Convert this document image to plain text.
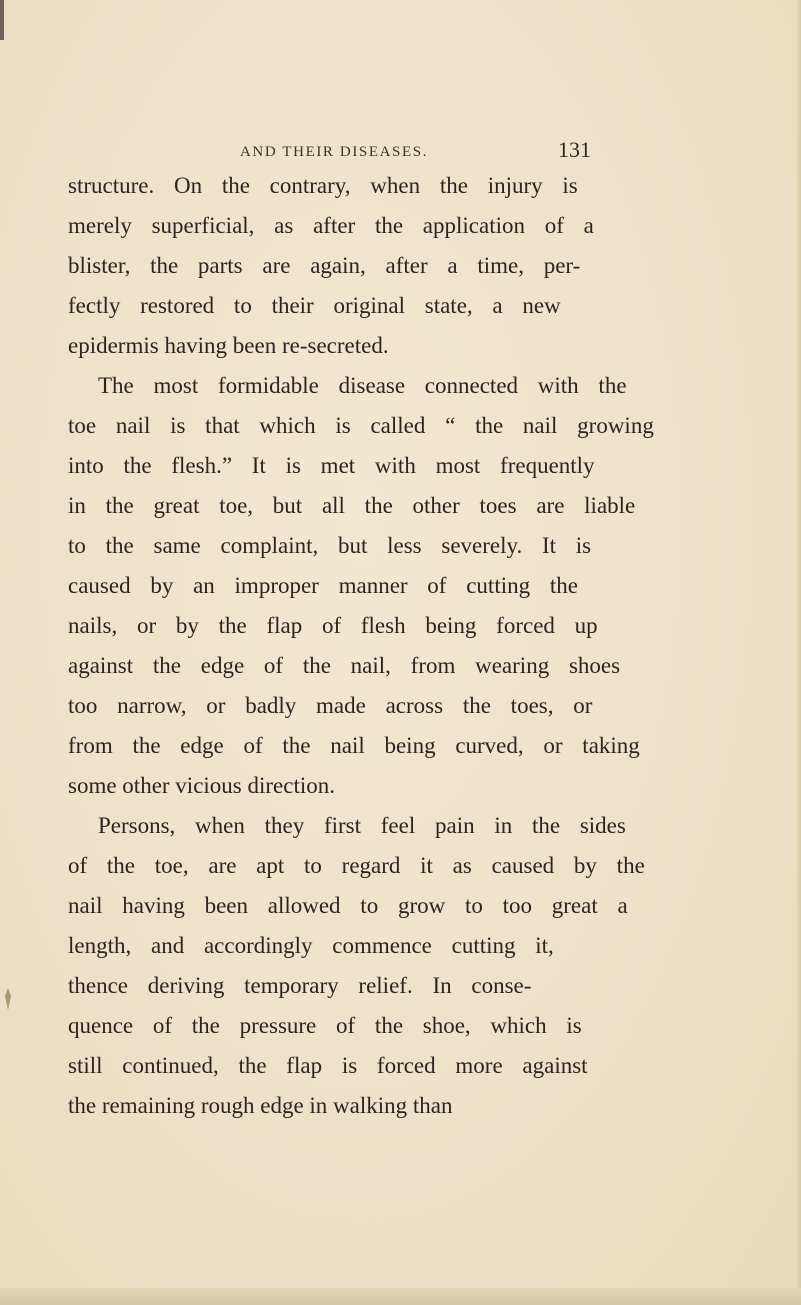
AND THEIR DISEASES.	131
structure. On the contrary, when the injury is
merely superficial, as after the application of a
blister, the parts are again, after a time, per-
fectly restored to their original state, a new
epidermis having been re-secreted.
The most formidable disease connected with the
toe nail is that which is called “ the nail growing
into the flesh.” It is met with most frequently
in the great toe, but all the other toes are liable
to the same complaint, but less severely. It is
caused by an improper manner of cutting the
nails, or by the flap of flesh being forced up
against the edge of the nail, from wearing shoes
too narrow, or badly made across the toes, or
from the edge of the nail being curved, or taking
some other vicious direction.
Persons, when they first feel pain in the sides
of the toe, are apt to regard it as caused by the
nail having been allowed to grow to too great a
length, and accordingly commence cutting it,
thence deriving temporary relief. In conse-
quence of the pressure of the shoe, which is
still continued, the flap is forced more against
the remaining rough edge in walking than
